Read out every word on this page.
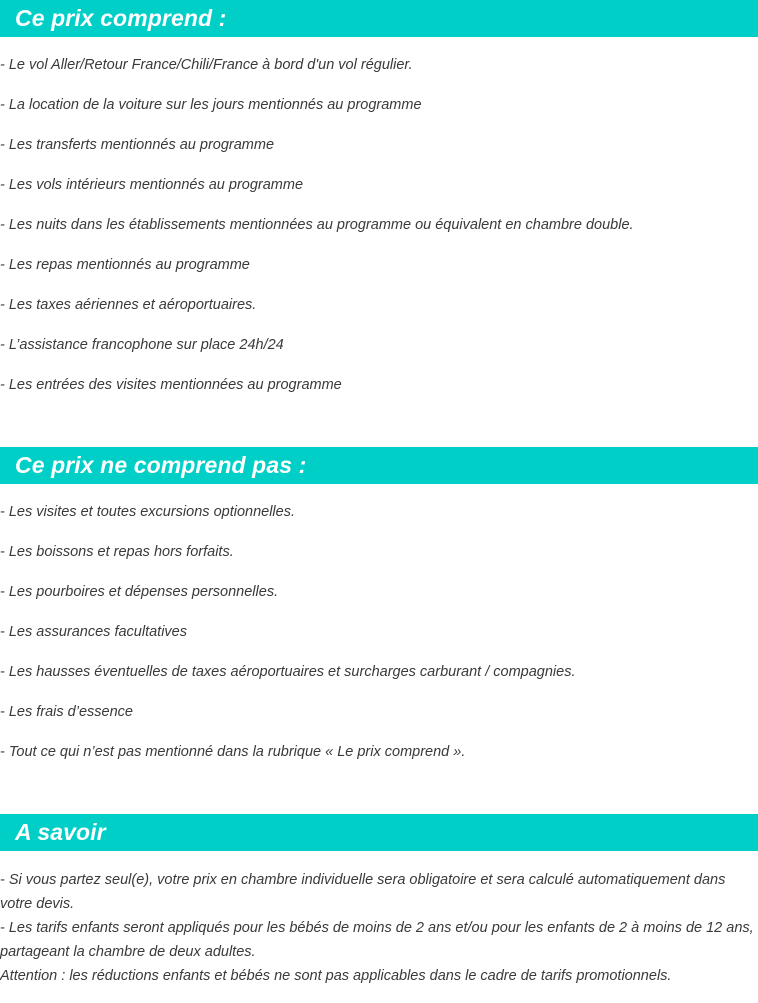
Ce prix comprend :
- Le vol Aller/Retour France/Chili/France à bord d'un vol régulier.
- La location de la voiture sur les jours mentionnés au programme
- Les transferts mentionnés au programme
- Les vols intérieurs mentionnés au programme
- Les nuits dans les établissements mentionnées au programme ou équivalent en chambre double.
- Les repas mentionnés au programme
- Les taxes aériennes et aéroportuaires.
- L’assistance francophone sur place 24h/24
- Les entrées des visites mentionnées au programme
Ce prix ne comprend pas :
- Les visites et toutes excursions optionnelles.
- Les boissons et repas hors forfaits.
- Les pourboires et dépenses personnelles.
- Les assurances facultatives
- Les hausses éventuelles de taxes aéroportuaires et surcharges carburant / compagnies.
- Les frais d’essence
- Tout ce qui n’est pas mentionné dans la rubrique « Le prix comprend ».
A savoir

- Si vous partez seul(e), votre prix en chambre individuelle sera obligatoire et sera calculé automatiquement dans votre devis.

- Les tarifs enfants seront appliqués pour les bébés de moins de 2 ans et/ou pour les enfants de 2 à moins de 12 ans, partageant la chambre de deux adultes.

Attention : les réductions enfants et bébés ne sont pas applicables dans le cadre de tarifs promotionnels.
